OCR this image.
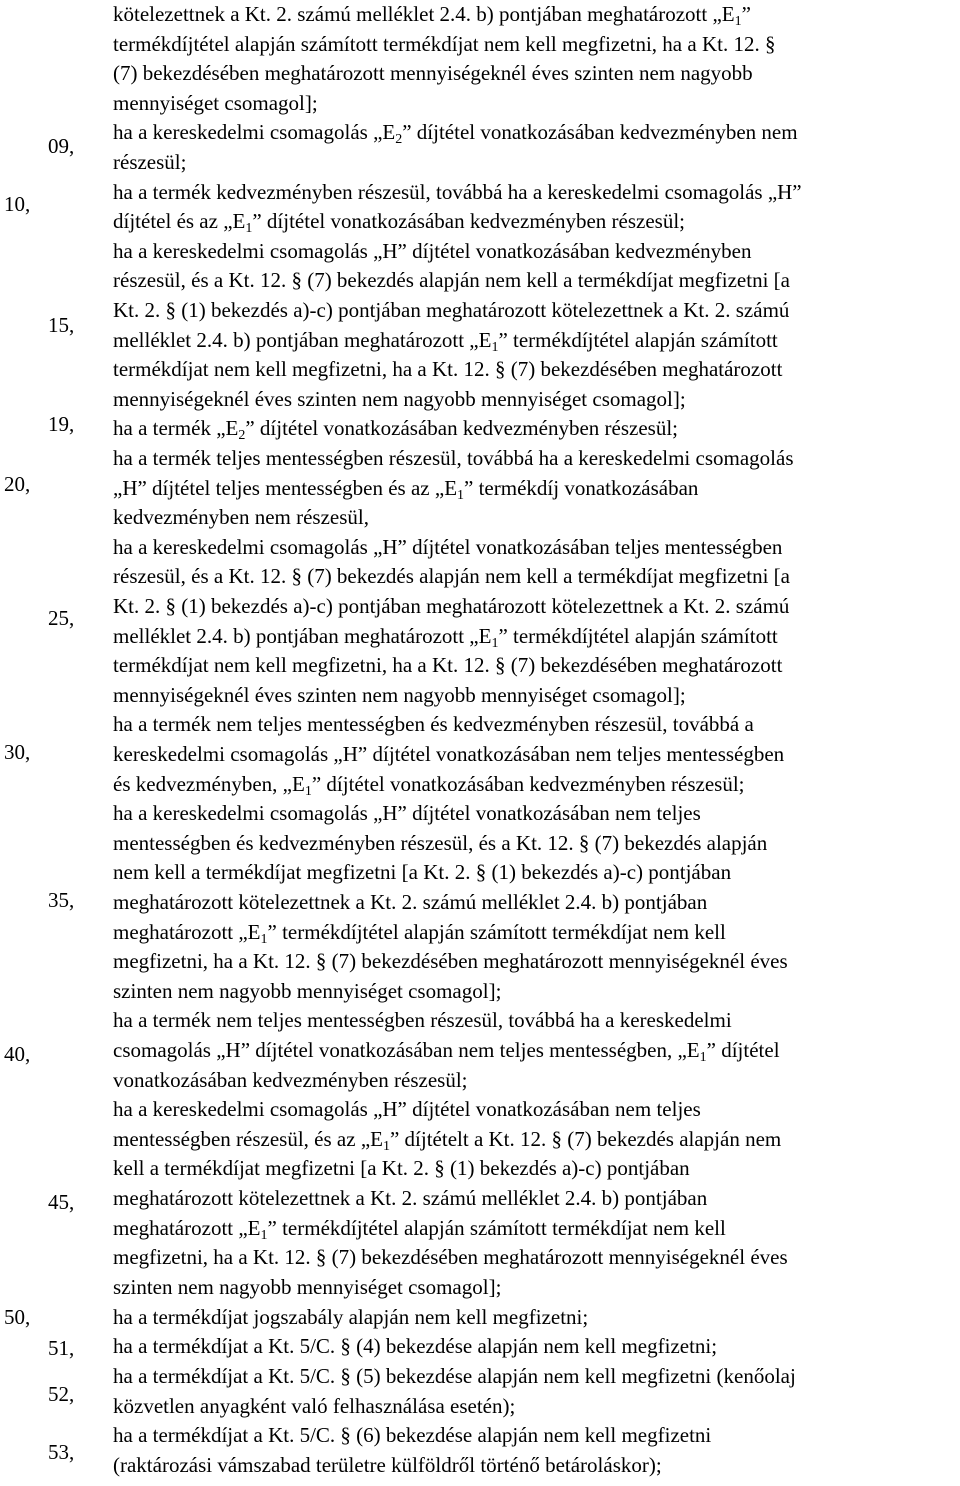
kötelezettnek a Kt. 2. számú melléklet 2.4. b) pontjában meghatározott „E1”
termékdíjtétel alapján számított termékdíjat nem kell megfizetni, ha a Kt. 12. §
(7) bekezdésében meghatározott mennyiségeknél éves szinten nem nagyobb
mennyiséget csomagol];
ha a kereskedelmi csomagolás „E2” díjtétel vonatkozásában kedvezményben nem
részesül;
ha a termék kedvezményben részesül, továbbá ha a kereskedelmi csomagolás „H”
díjtétel és az „E1” díjtétel vonatkozásában kedvezményben részesül;
ha a kereskedelmi csomagolás „H” díjtétel vonatkozásában kedvezményben
részesül, és a Kt. 12. § (7) bekezdés alapján nem kell a termékdíjat megfizetni [a
Kt. 2. § (1) bekezdés a)-c) pontjában meghatározott kötelezettnek a Kt. 2. számú
melléklet 2.4. b) pontjában meghatározott „E1” termékdíjtétel alapján számított
termékdíjat nem kell megfizetni, ha a Kt. 12. § (7) bekezdésében meghatározott
mennyiségeknél éves szinten nem nagyobb mennyiséget csomagol];
ha a termék „E2” díjtétel vonatkozásában kedvezményben részesül;
ha a termék teljes mentességben részesül, továbbá ha a kereskedelmi csomagolás
„H” díjtétel teljes mentességben és az „E1” termékdíj vonatkozásában
kedvezményben nem részesül,
ha a kereskedelmi csomagolás „H” díjtétel vonatkozásában teljes mentességben
részesül, és a Kt. 12. § (7) bekezdés alapján nem kell a termékdíjat megfizetni [a
Kt. 2. § (1) bekezdés a)-c) pontjában meghatározott kötelezettnek a Kt. 2. számú
melléklet 2.4. b) pontjában meghatározott „E1” termékdíjtétel alapján számított
termékdíjat nem kell megfizetni, ha a Kt. 12. § (7) bekezdésében meghatározott
mennyiségeknél éves szinten nem nagyobb mennyiséget csomagol];
ha a termék nem teljes mentességben és kedvezményben részesül, továbbá a
kereskedelmi csomagolás „H” díjtétel vonatkozásában nem teljes mentességben
és kedvezményben, „E1” díjtétel vonatkozásában kedvezményben részesül;
ha a kereskedelmi csomagolás „H” díjtétel vonatkozásában nem teljes
mentességben és kedvezményben részesül, és a Kt. 12. § (7) bekezdés alapján
nem kell a termékdíjat megfizetni [a Kt. 2. § (1) bekezdés a)-c) pontjában
meghatározott kötelezettnek a Kt. 2. számú melléklet 2.4. b) pontjában
meghatározott „E1” termékdíjtétel alapján számított termékdíjat nem kell
megfizetni, ha a Kt. 12. § (7) bekezdésében meghatározott mennyiségeknél éves
szinten nem nagyobb mennyiséget csomagol];
ha a termék nem teljes mentességben részesül, továbbá ha a kereskedelmi
csomagolás „H” díjtétel vonatkozásában nem teljes mentességben, „E1” díjtétel
vonatkozásában kedvezményben részesül;
ha a kereskedelmi csomagolás „H” díjtétel vonatkozásában nem teljes
mentességben részesül, és az „E1” díjtételt a Kt. 12. § (7) bekezdés alapján nem
kell a termékdíjat megfizetni [a Kt. 2. § (1) bekezdés a)-c) pontjában
meghatározott kötelezettnek a Kt. 2. számú melléklet 2.4. b) pontjában
meghatározott „E1” termékdíjtétel alapján számított termékdíjat nem kell
megfizetni, ha a Kt. 12. § (7) bekezdésében meghatározott mennyiségeknél éves
szinten nem nagyobb mennyiséget csomagol];
ha a termékdíjat jogszabály alapján nem kell megfizetni;
ha a termékdíjat a Kt. 5/C. § (4) bekezdése alapján nem kell megfizetni;
ha a termékdíjat a Kt. 5/C. § (5) bekezdése alapján nem kell megfizetni (kenőolaj
közvetlen anyagként való felhasználása esetén);
ha a termékdíjat a Kt. 5/C. § (6) bekezdése alapján nem kell megfizetni
(raktározási vámszabad területre külföldről történő betároláskor);
09,
10,
15,
19,
20,
25,
30,
35,
40,
45,
50,
51,
52,
53,
